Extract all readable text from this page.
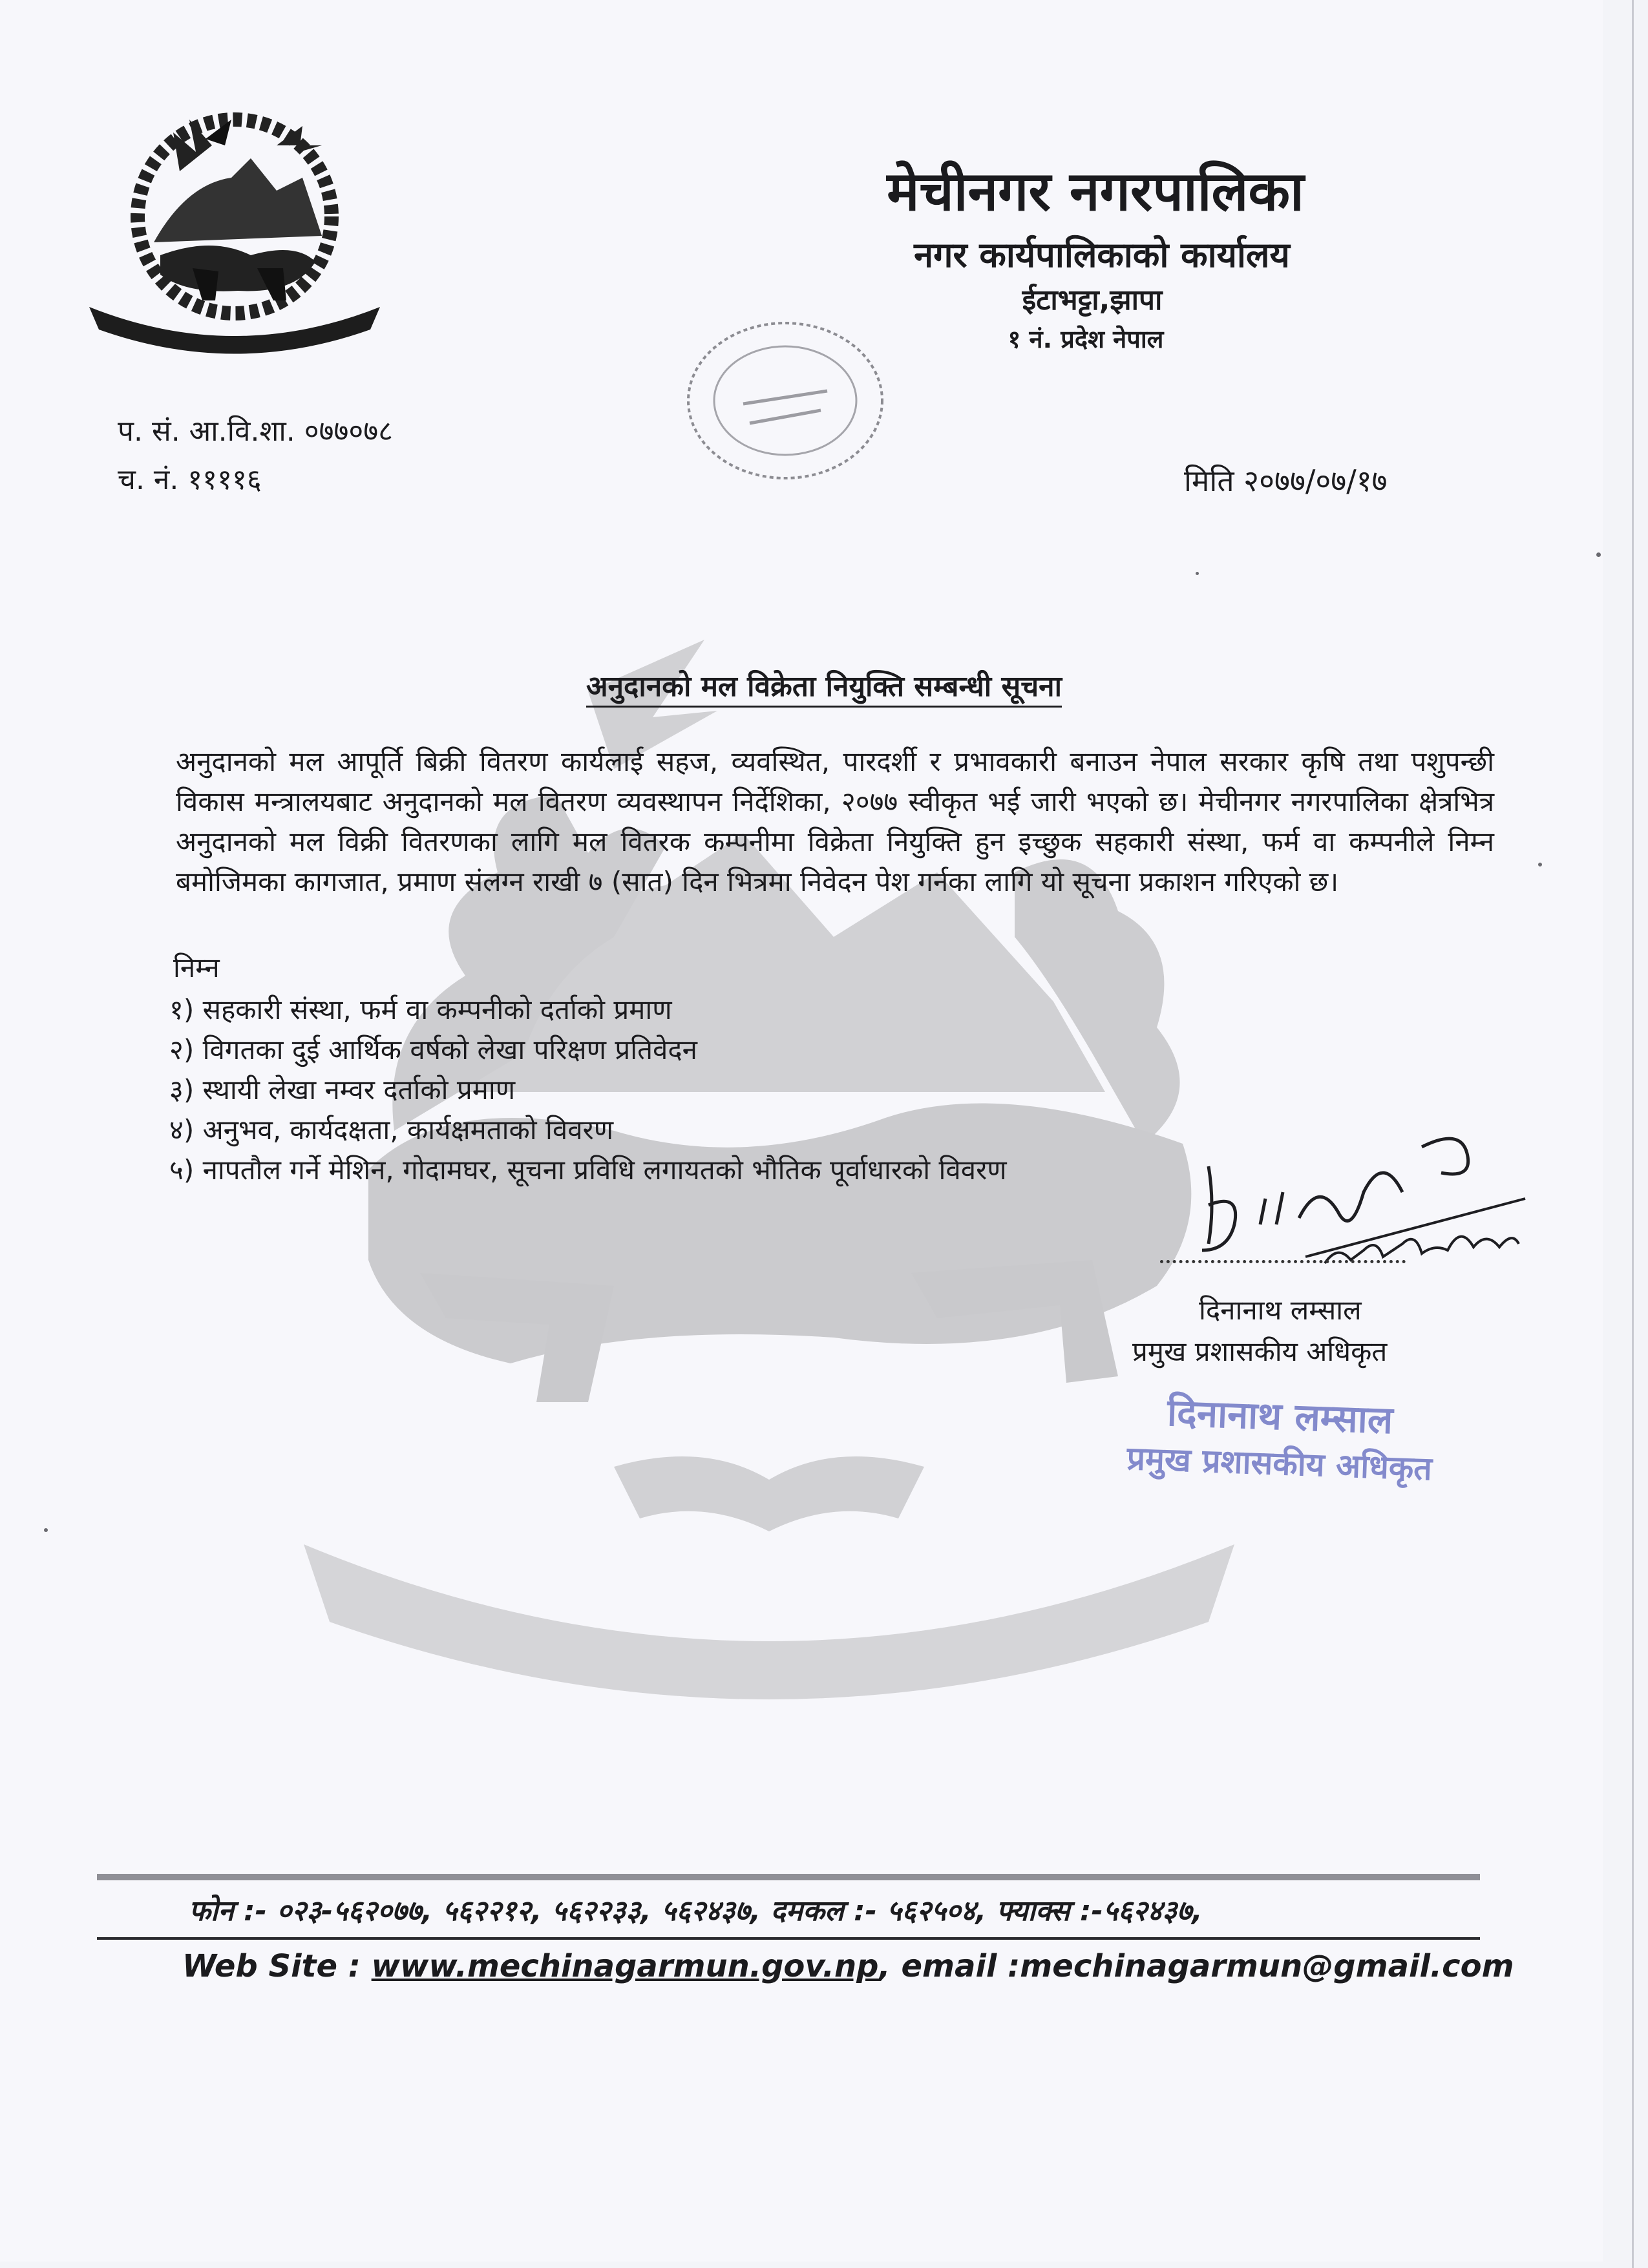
मेचीनगर नगरपालिका
नगर कार्यपालिकाको कार्यालय
ईटाभट्टा,झापा
१ नं. प्रदेश नेपाल
प. सं. आ.वि.शा. ०७७०७८
च. नं. ११११६	मिति २०७७/०७/१७
अनुदानको मल विक्रेता नियुक्ति सम्बन्धी सूचना

अनुदानको मल आपूर्ति बिक्री वितरण कार्यलाई सहज, व्यवस्थित, पारदर्शी र प्रभावकारी बनाउन नेपाल सरकार कृषि तथा पशुपन्छी विकास मन्त्रालयबाट अनुदानको मल वितरण व्यवस्थापन निर्देशिका, २०७७ स्वीकृत भई जारी भएको छ। मेचीनगर नगरपालिका क्षेत्रभित्र अनुदानको मल विक्री वितरणका लागि मल वितरक कम्पनीमा विक्रेता नियुक्ति हुन इच्छुक सहकारी संस्था, फर्म वा कम्पनीले निम्न बमोजिमका कागजात, प्रमाण संलग्न राखी ७ (सात) दिन भित्रमा निवेदन पेश गर्नका लागि यो सूचना प्रकाशन गरिएको छ।

निम्न
१) सहकारी संस्था, फर्म वा कम्पनीको दर्ताको प्रमाण
२) विगतका दुई आर्थिक वर्षको लेखा परिक्षण प्रतिवेदन
३) स्थायी लेखा नम्वर दर्ताको प्रमाण
४) अनुभव, कार्यदक्षता, कार्यक्षमताको विवरण
५) नापतौल गर्ने मेशिन, गोदामघर, सूचना प्रविधि लगायतको भौतिक पूर्वाधारको विवरण
दिनानाथ लम्साल
प्रमुख प्रशासकीय अधिकृत
दिनानाथ लम्साल
प्रमुख प्रशासकीय अधिकृत
फोन :- ०२३-५६२०७७, ५६२२१२, ५६२२३३, ५६२४३७, दमकल :- ५६२५०४, फ्याक्स :-५६२४३७,
Web Site : www.mechinagarmun.gov.np, email :mechinagarmun@gmail.com
